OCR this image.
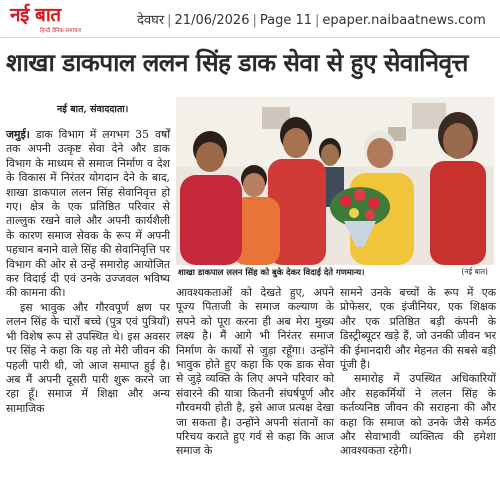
नई बात
हिन्दी दैनिक समाचार
देवघर | 21/06/2026 | Page 11 | epaper.naibaatnews.com
शाखा डाकपाल ललन सिंह डाक सेवा से हुए सेवानिवृत्त
नई बात, संवाददाता।

जमुई। डाक विभाग में लगभग 35 वर्षों तक अपनी उत्कृष्ट सेवा देने और डाक विभाग के माध्यम से समाज निर्माण व देश के विकास में निरंतर योगदान देने के बाद, शाखा डाकपाल ललन सिंह सेवानिवृत्त हो गए। क्षेत्र के एक प्रतिष्ठित परिवार से ताल्लुक रखने वाले और अपनी कार्यशैली के कारण समाज सेवक के रूप में अपनी पहचान बनाने वाले सिंह की सेवानिवृत्ति पर विभाग की ओर से उन्हें समारोह आयोजित कर विदाई दी एवं उनके उज्जवल भविष्य की कामना की।

इस भावुक और गौरवपूर्ण क्षण पर ललन सिंह के चारों बच्चे (पुत्र एवं पुत्रियाँ) भी विशेष रूप से उपस्थित थे। इस अवसर पर सिंह ने कहा कि यह तो मेरी जीवन की पहली पारी थी, जो आज समाप्त हुई है। अब मैं अपनी दूसरी पारी शुरू करने जा रहा हूँ। समाज में शिक्षा और अन्य सामाजिक

शाखा डाकपाल ललन सिंह को बुके देकर विदाई देते गणमान्य।	(नई बात)

आवश्यकताओं को देखते हुए, अपने पूज्य पिताजी के समाज कल्याण के सपने को पूरा करना ही अब मेरा मुख्य लक्ष्य है। मैं आगे भी निरंतर समाज निर्माण के कार्यों से जुड़ा रहूँगा। उन्होंने भावुक होते हुए कहा कि एक डाक सेवा से जुड़े व्यक्ति के लिए अपने परिवार को संवारने की यात्रा कितनी संघर्षपूर्ण और गौरवमयी होती है, इसे आज प्रत्यक्ष देखा जा सकता है। उन्होंने अपनी संतानों का परिचय कराते हुए गर्व से कहा कि आज समाज के

सामने उनके बच्चों के रूप में एक प्रोफेसर, एक इंजीनियर, एक शिक्षक और एक प्रतिष्ठित बड़ी कंपनी के डिस्ट्रीब्यूटर खड़े हैं, जो उनकी जीवन भर की ईमानदारी और मेहनत की सबसे बड़ी पूंजी है।

समारोह में उपस्थित अधिकारियों और सहकर्मियों ने ललन सिंह के कर्तव्यनिष्ठ जीवन की सराहना की और कहा कि समाज को उनके जैसे कर्मठ और सेवाभावी व्यक्तित्व की हमेशा आवश्यकता रहेगी।
